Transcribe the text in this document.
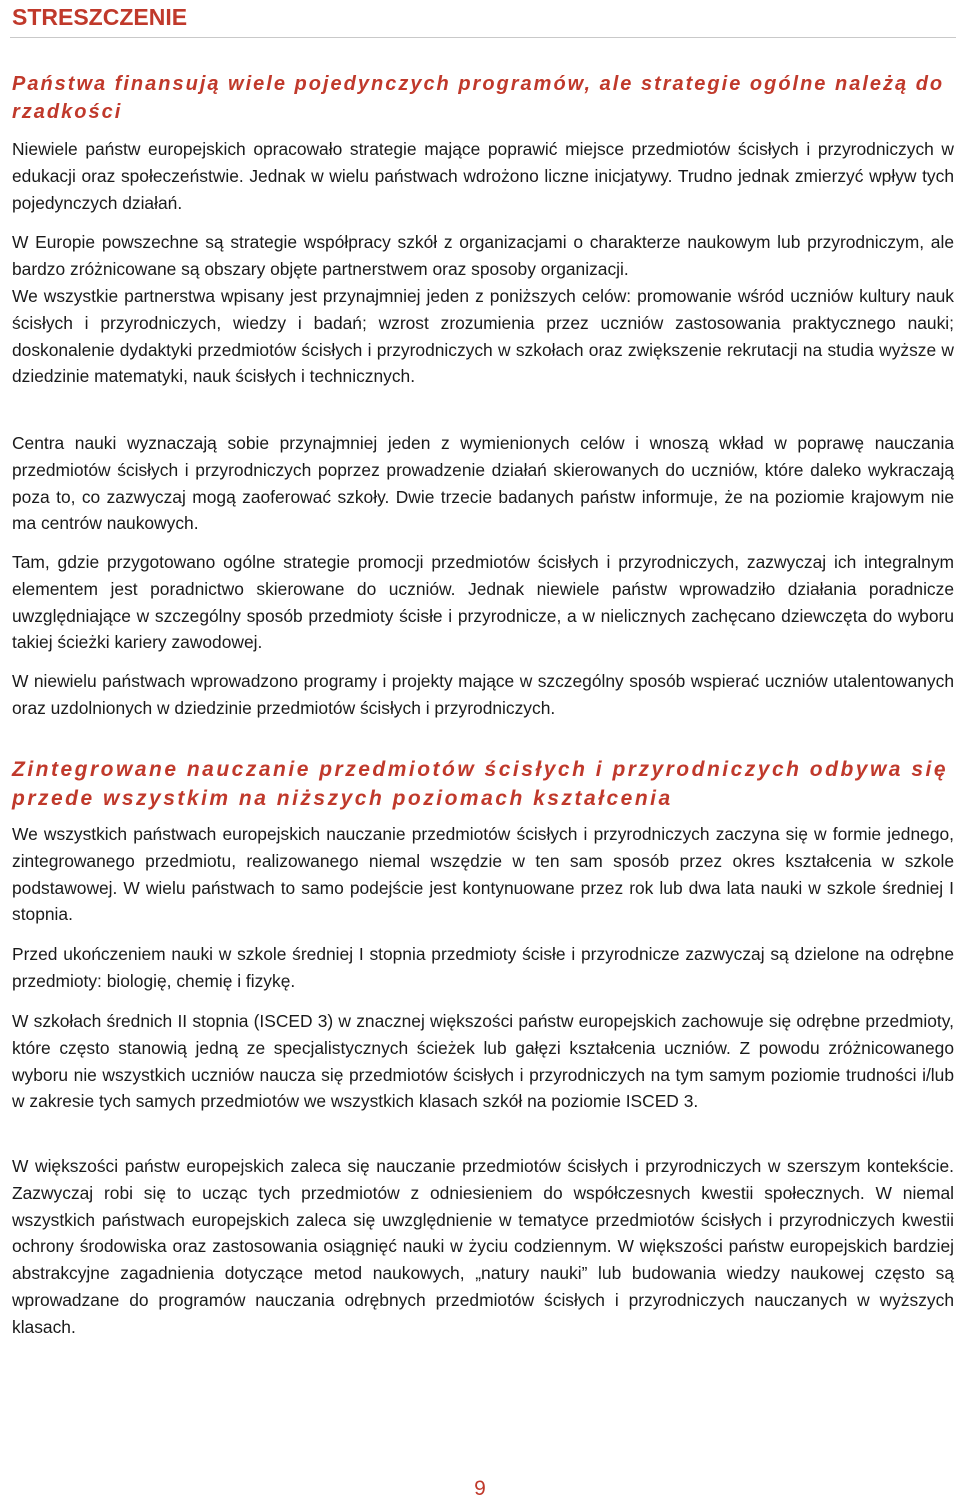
STRESZCZENIE
Państwa finansują wiele pojedynczych programów, ale strategie ogólne należą do rzadkości

Niewiele państw europejskich opracowało strategie mające poprawić miejsce przedmiotów ścisłych i przyrodniczych w edukacji oraz społeczeństwie. Jednak w wielu państwach wdrożono liczne inicjatywy. Trudno jednak zmierzyć wpływ tych pojedynczych działań.

W Europie powszechne są strategie współpracy szkół z organizacjami o charakterze naukowym lub przyrodniczym, ale bardzo zróżnicowane są obszary objęte partnerstwem oraz sposoby organizacji.

We wszystkie partnerstwa wpisany jest przynajmniej jeden z poniższych celów: promowanie wśród uczniów kultury nauk ścisłych i przyrodniczych, wiedzy i badań; wzrost zrozumienia przez uczniów zastosowania praktycznego nauki; doskonalenie dydaktyki przedmiotów ścisłych i przyrodniczych w szkołach oraz zwiększenie rekrutacji na studia wyższe w dziedzinie matematyki, nauk ścisłych i technicznych.

Centra nauki wyznaczają sobie przynajmniej jeden z wymienionych celów i wnoszą wkład w poprawę nauczania przedmiotów ścisłych i przyrodniczych poprzez prowadzenie działań skierowanych do uczniów, które daleko wykraczają poza to, co zazwyczaj mogą zaoferować szkoły. Dwie trzecie badanych państw informuje, że na poziomie krajowym nie ma centrów naukowych.

Tam, gdzie przygotowano ogólne strategie promocji przedmiotów ścisłych i przyrodniczych, zazwyczaj ich integralnym elementem jest poradnictwo skierowane do uczniów. Jednak niewiele państw wprowadziło działania poradnicze uwzględniające w szczególny sposób przedmioty ścisłe i przyrodnicze, a w nielicznych zachęcano dziewczęta do wyboru takiej ścieżki kariery zawodowej.

W niewielu państwach wprowadzono programy i projekty mające w szczególny sposób wspierać uczniów utalentowanych oraz uzdolnionych w dziedzinie przedmiotów ścisłych i przyrodniczych.

Zintegrowane nauczanie przedmiotów ścisłych i przyrodniczych odbywa się przede wszystkim na niższych poziomach kształcenia

We wszystkich państwach europejskich nauczanie przedmiotów ścisłych i przyrodniczych zaczyna się w formie jednego, zintegrowanego przedmiotu, realizowanego niemal wszędzie w ten sam sposób przez okres kształcenia w szkole podstawowej. W wielu państwach to samo podejście jest kontynuowane przez rok lub dwa lata nauki w szkole średniej I stopnia.

Przed ukończeniem nauki w szkole średniej I stopnia przedmioty ścisłe i przyrodnicze zazwyczaj są dzielone na odrębne przedmioty: biologię, chemię i fizykę.

W szkołach średnich II stopnia (ISCED 3) w znacznej większości państw europejskich zachowuje się odrębne przedmioty, które często stanowią jedną ze specjalistycznych ścieżek lub gałęzi kształcenia uczniów. Z powodu zróżnicowanego wyboru nie wszystkich uczniów naucza się przedmiotów ścisłych i przyrodniczych na tym samym poziomie trudności i/lub w zakresie tych samych przedmiotów we wszystkich klasach szkół na poziomie ISCED 3.

W większości państw europejskich zaleca się nauczanie przedmiotów ścisłych i przyrodniczych w szerszym kontekście. Zazwyczaj robi się to ucząc tych przedmiotów z odniesieniem do współczesnych kwestii społecznych. W niemal wszystkich państwach europejskich zaleca się uwzględnienie w tematyce przedmiotów ścisłych i przyrodniczych kwestii ochrony środowiska oraz zastosowania osiągnięć nauki w życiu codziennym. W większości państw europejskich bardziej abstrakcyjne zagadnienia dotyczące metod naukowych, „natury nauki” lub budowania wiedzy naukowej często są wprowadzane do programów nauczania odrębnych przedmiotów ścisłych i przyrodniczych nauczanych w wyższych klasach.

9
